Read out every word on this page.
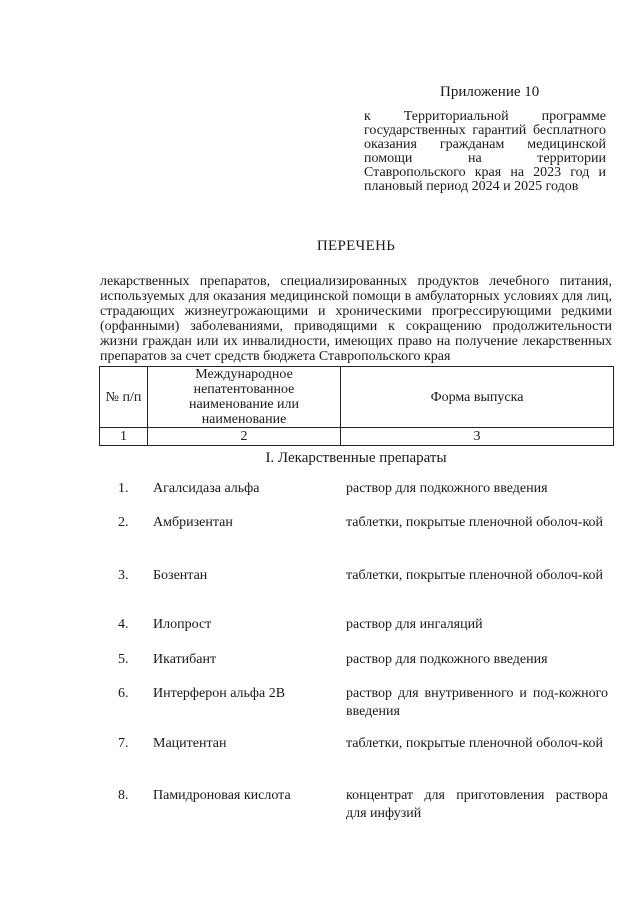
Приложение 10
к Территориальной программе государственных гарантий бесплатного оказания гражданам медицинской помощи на территории Ставропольского края на 2023 год и плановый период 2024 и 2025 годов
ПЕРЕЧЕНЬ
лекарственных препаратов, специализированных продуктов лечебного питания, используемых для оказания медицинской помощи в амбулаторных условиях для лиц, страдающих жизнеугрожающими и хроническими прогрессирующими редкими (орфанными) заболеваниями, приводящими к сокращению продолжительности жизни граждан или их инвалидности, имеющих право на получение лекарственных препаратов за счет средств бюджета Ставропольского края
№ п/п	Международное непатентованное наименование или наименование	Форма выпуска
1	2	3
I. Лекарственные препараты
1. Агалсидаза альфа	раствор для подкожного введения
2. Амбризентан	таблетки, покрытые пленочной оболоч-кой
3. Бозентан	таблетки, покрытые пленочной оболоч-кой
4. Илопрост	раствор для ингаляций
5. Икатибант	раствор для подкожного введения
6. Интерферон альфа 2B	раствор для внутривенного и под-кожного введения
7. Мацитентан	таблетки, покрытые пленочной оболоч-кой
8. Памидроновая кислота	концентрат для приготовления раствора для инфузий
